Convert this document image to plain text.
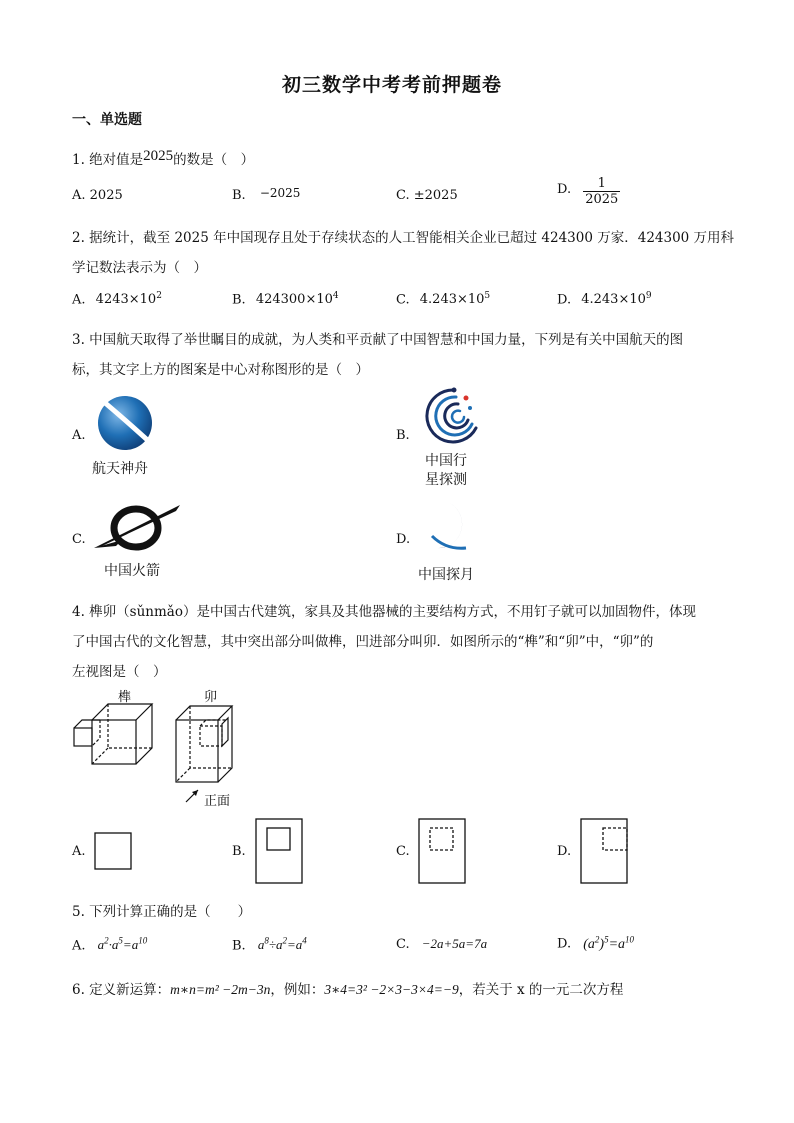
初三数学中考考前押题卷
一、单选题
1. 绝对值是2025的数是（　）
A. 2025	B. −2025	C. ±2025	D. $\frac{1}{2025}$
2. 据统计，截至 2025 年中国现存且处于存续状态的人工智能相关企业已超过 424300 万家．424300 万用科
学记数法表示为（　）
A. $4243\times 10^2$	B. $424300\times 10^4$	C. $4.243\times 10^5$	D. $4.243\times 10^9$
3. 中国航天取得了举世瞩目的成就，为人类和平贡献了中国智慧和中国力量，下列是有关中国航天的图
标，其文字上方的图案是中心对称图形的是（　）
A.
航天神舟
B.
中国行
星探测
C.
中国火箭
D.
中国探月
4. 榫卯（sǔnmǎo）是中国古代建筑，家具及其他器械的主要结构方式，不用钉子就可以加固物件，体现
了中国古代的文化智慧，其中突出部分叫做榫，凹进部分叫卯．如图所示的“榫”和“卯”中，“卯”的
左视图是（　）
榫	卯
正面
A.	B.	C.	D.
5. 下列计算正确的是（　　）
A. $a^2\cdot a^5=a^{10}$	B. $a^8\div a^2=a^4$	C. −2a+5a=7a	D. $(a^2)^5=a^{10}$
6. 定义新运算：m∗n=m² −2m−3n，例如：3∗4=3² −2×3−3×4=−9，若关于 x 的一元二次方程
